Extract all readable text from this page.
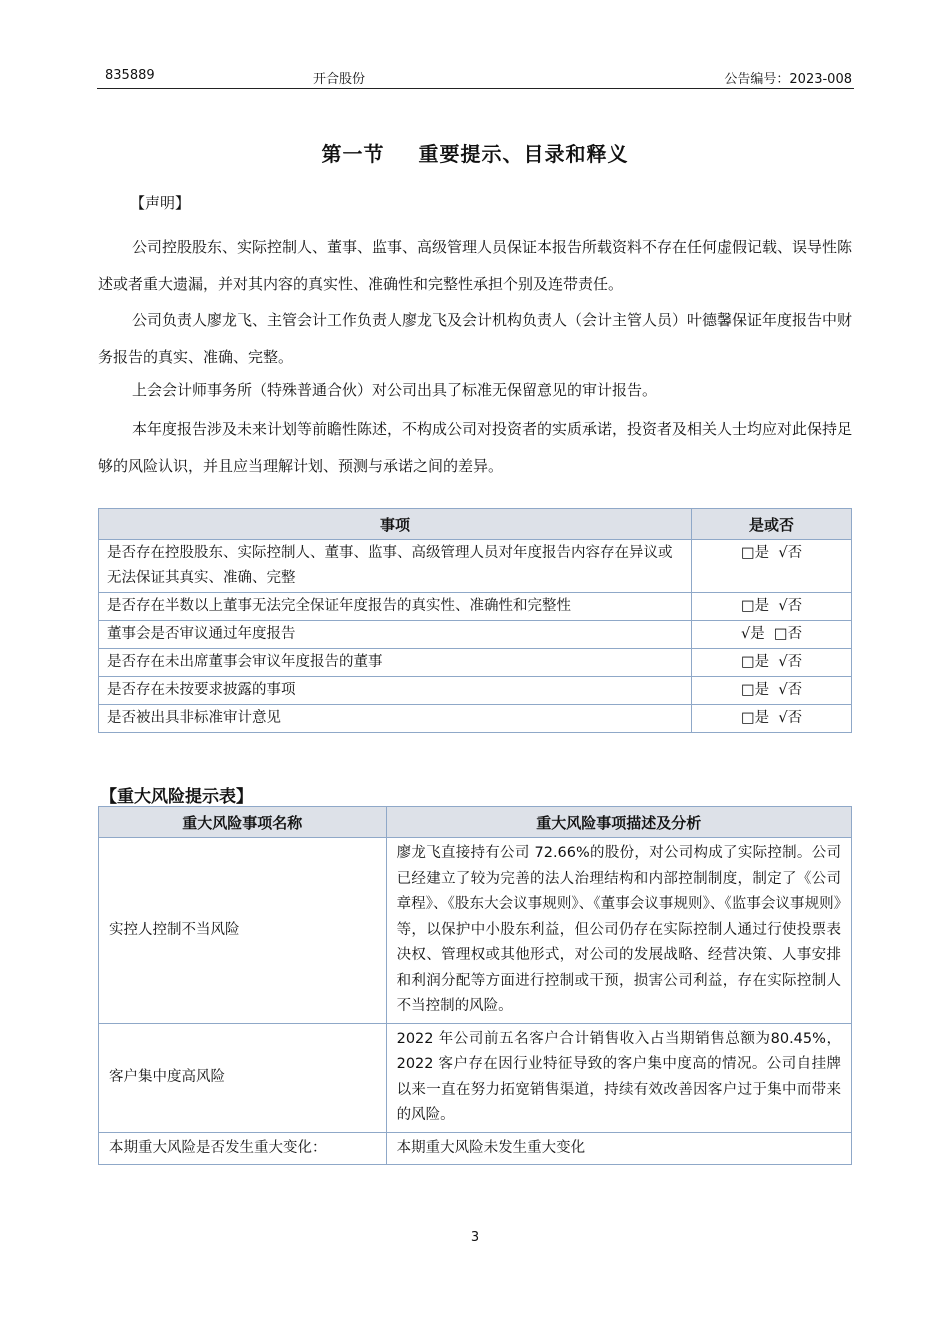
835889	开合股份	公告编号：2023-008
第一节 重要提示、目录和释义
【声明】
公司控股股东、实际控制人、董事、监事、高级管理人员保证本报告所载资料不存在任何虚假记载、误导性陈述或者重大遗漏，并对其内容的真实性、准确性和完整性承担个别及连带责任。
公司负责人廖龙飞、主管会计工作负责人廖龙飞及会计机构负责人（会计主管人员）叶德馨保证年度报告中财务报告的真实、准确、完整。
上会会计师事务所（特殊普通合伙）对公司出具了标准无保留意见的审计报告。
本年度报告涉及未来计划等前瞻性陈述，不构成公司对投资者的实质承诺，投资者及相关人士均应对此保持足够的风险认识，并且应当理解计划、预测与承诺之间的差异。
事项	是或否
是否存在控股股东、实际控制人、董事、监事、高级管理人员对年度报告内容存在异议或无法保证其真实、准确、完整	□是  √否
是否存在半数以上董事无法完全保证年度报告的真实性、准确性和完整性	□是  √否
董事会是否审议通过年度报告	√是  □否
是否存在未出席董事会审议年度报告的董事	□是  √否
是否存在未按要求披露的事项	□是  √否
是否被出具非标准审计意见	□是  √否
【重大风险提示表】
重大风险事项名称	重大风险事项描述及分析
实控人控制不当风险	廖龙飞直接持有公司 72.66%的股份，对公司构成了实际控制。公司已经建立了较为完善的法人治理结构和内部控制制度，制定了《公司章程》、《股东大会议事规则》、《董事会议事规则》、《监事会议事规则》等，以保护中小股东利益，但公司仍存在实际控制人通过行使投票表决权、管理权或其他形式，对公司的发展战略、经营决策、人事安排和利润分配等方面进行控制或干预，损害公司利益，存在实际控制人不当控制的风险。
客户集中度高风险	2022 年公司前五名客户合计销售收入占当期销售总额为80.45%，2022 客户存在因行业特征导致的客户集中度高的情况。公司自挂牌以来一直在努力拓宽销售渠道，持续有效改善因客户过于集中而带来的风险。
本期重大风险是否发生重大变化：	本期重大风险未发生重大变化
3
